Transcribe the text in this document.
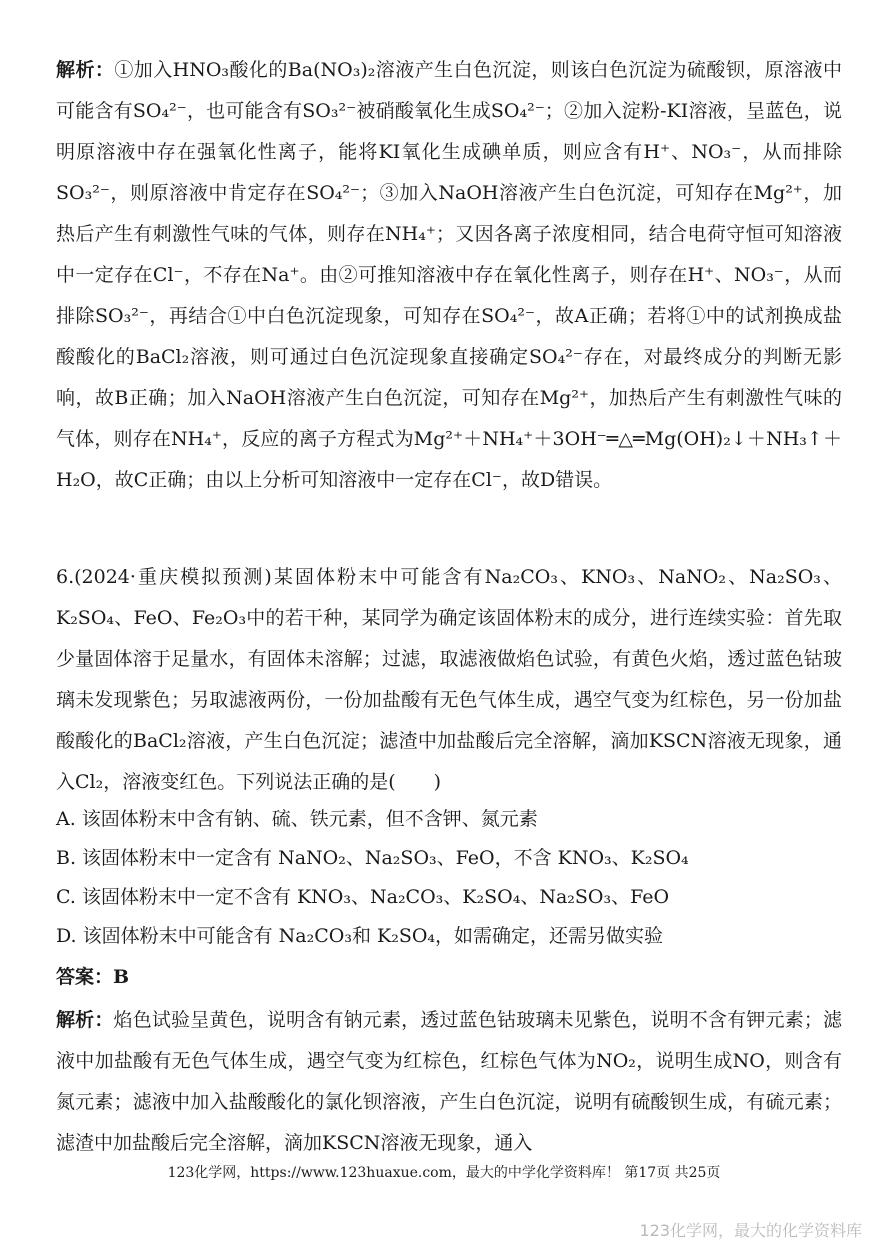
解析：①加入HNO₃酸化的Ba(NO₃)₂溶液产生白色沉淀，则该白色沉淀为硫酸钡，原溶液中可能含有SO₄²⁻，也可能含有SO₃²⁻被硝酸氧化生成SO₄²⁻；②加入淀粉-KI溶液，呈蓝色，说明原溶液中存在强氧化性离子，能将KI氧化生成碘单质，则应含有H⁺、NO₃⁻，从而排除SO₃²⁻，则原溶液中肯定存在SO₄²⁻；③加入NaOH溶液产生白色沉淀，可知存在Mg²⁺，加热后产生有刺激性气味的气体，则存在NH₄⁺；又因各离子浓度相同，结合电荷守恒可知溶液中一定存在Cl⁻，不存在Na⁺。由②可推知溶液中存在氧化性离子，则存在H⁺、NO₃⁻，从而排除SO₃²⁻，再结合①中白色沉淀现象，可知存在SO₄²⁻，故A正确；若将①中的试剂换成盐酸酸化的BaCl₂溶液，则可通过白色沉淀现象直接确定SO₄²⁻存在，对最终成分的判断无影响，故B正确；加入NaOH溶液产生白色沉淀，可知存在Mg²⁺，加热后产生有刺激性气味的气体，则存在NH₄⁺，反应的离子方程式为Mg²⁺＋NH₄⁺＋3OH⁻═△═Mg(OH)₂↓＋NH₃↑＋H₂O，故C正确；由以上分析可知溶液中一定存在Cl⁻，故D错误。

6.(2024·重庆模拟预测)某固体粉末中可能含有Na₂CO₃、KNO₃、NaNO₂、Na₂SO₃、K₂SO₄、FeO、Fe₂O₃中的若干种，某同学为确定该固体粉末的成分，进行连续实验：首先取少量固体溶于足量水，有固体未溶解；过滤，取滤液做焰色试验，有黄色火焰，透过蓝色钴玻璃未发现紫色；另取滤液两份，一份加盐酸有无色气体生成，遇空气变为红棕色，另一份加盐酸酸化的BaCl₂溶液，产生白色沉淀；滤渣中加盐酸后完全溶解，滴加KSCN溶液无现象，通入Cl₂，溶液变红色。下列说法正确的是(　　)

A. 该固体粉末中含有钠、硫、铁元素，但不含钾、氮元素
B. 该固体粉末中一定含有 NaNO₂、Na₂SO₃、FeO，不含 KNO₃、K₂SO₄
C. 该固体粉末中一定不含有 KNO₃、Na₂CO₃、K₂SO₄、Na₂SO₃、FeO
D. 该固体粉末中可能含有 Na₂CO₃和 K₂SO₄，如需确定，还需另做实验
答案：B

解析：焰色试验呈黄色，说明含有钠元素，透过蓝色钴玻璃未见紫色，说明不含有钾元素；滤液中加盐酸有无色气体生成，遇空气变为红棕色，红棕色气体为NO₂，说明生成NO，则含有氮元素；滤液中加入盐酸酸化的氯化钡溶液，产生白色沉淀，说明有硫酸钡生成，有硫元素；滤渣中加盐酸后完全溶解，滴加KSCN溶液无现象，通入

123化学网，https://www.123huaxue.com，最大的中学化学资料库！ 第17页 共25页
123化学网，最大的化学资料库
